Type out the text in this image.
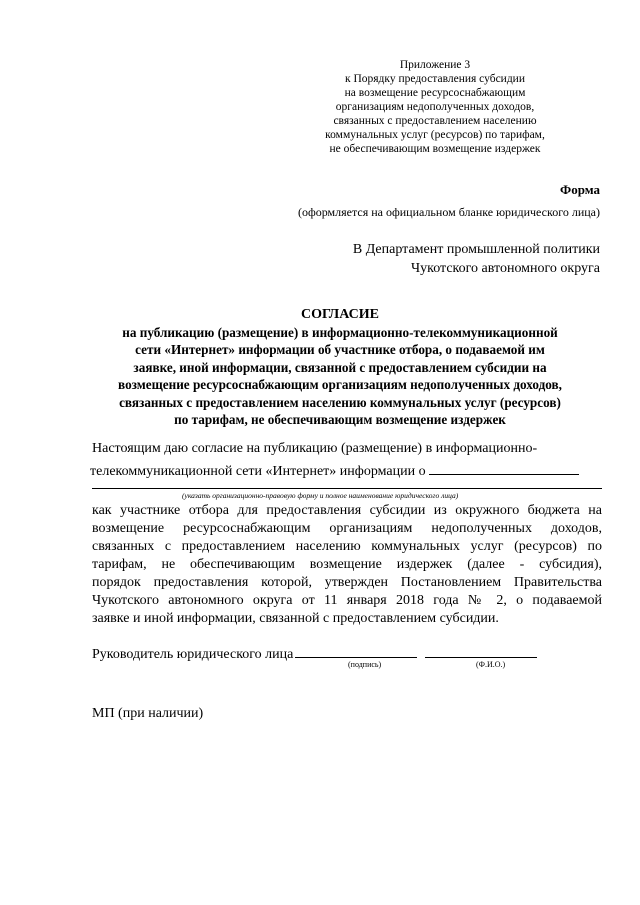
Приложение 3
к Порядку предоставления субсидии
на возмещение ресурсоснабжающим
организациям недополученных доходов,
связанных с предоставлением населению
коммунальных услуг (ресурсов) по тарифам,
не обеспечивающим возмещение издержек
Форма
(оформляется на официальном бланке юридического лица)
В Департамент промышленной политики
Чукотского автономного округа
СОГЛАСИЕ
на публикацию (размещение) в информационно-телекоммуникационной
сети «Интернет» информации об участнике отбора, о подаваемой им
заявке, иной информации, связанной с предоставлением субсидии на
возмещение ресурсоснабжающим организациям недополученных доходов,
связанных с предоставлением населению коммунальных услуг (ресурсов)
по тарифам, не обеспечивающим возмещение издержек
Настоящим даю согласие на публикацию (размещение) в информационно-
телекоммуникационной сети «Интернет» информации о
(указать организационно-правовую форму и полное наименование юридического лица)
как участнике отбора для предоставления субсидии из окружного бюджета на
возмещение ресурсоснабжающим организациям недополученных доходов,
связанных с предоставлением населению коммунальных услуг (ресурсов) по
тарифам, не обеспечивающим возмещение издержек (далее - субсидия),
порядок предоставления которой, утвержден Постановлением Правительства
Чукотского автономного округа от 11 января 2018 года № 2, о подаваемой
заявке и иной информации, связанной с предоставлением субсидии.
Руководитель юридического лица
(подпись)	(Ф.И.О.)
МП (при наличии)
